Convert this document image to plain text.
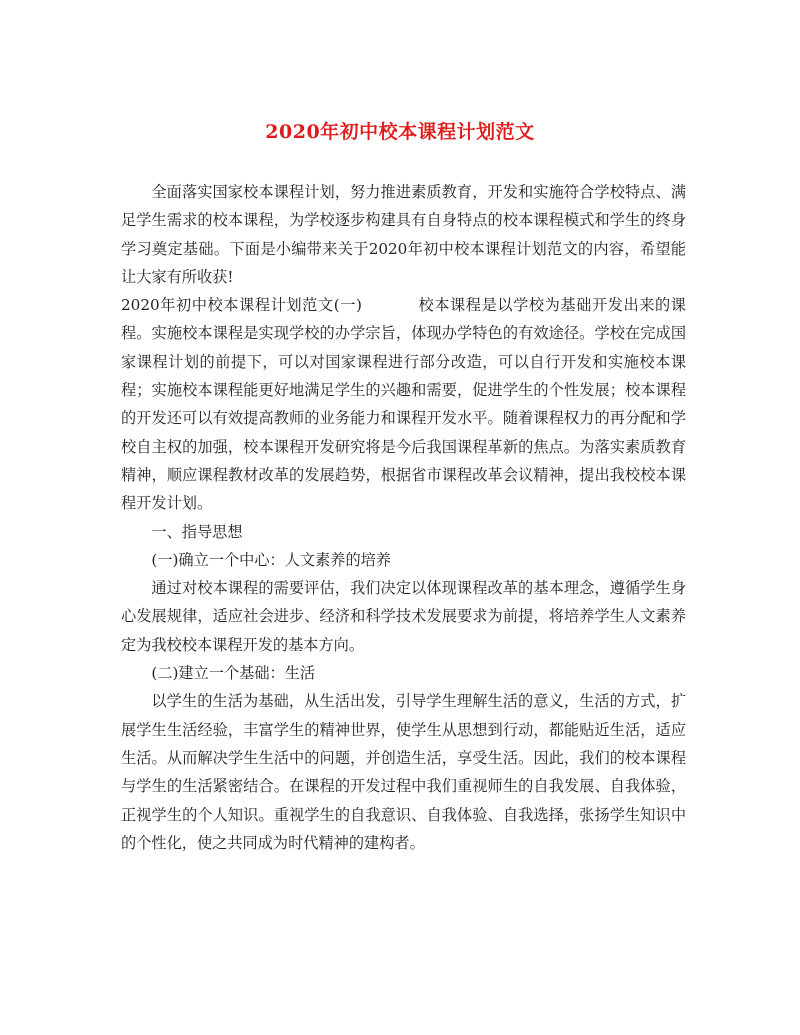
2020年初中校本课程计划范文

全面落实国家校本课程计划，努力推进素质教育，开发和实施符合学校特点、满足学生需求的校本课程，为学校逐步构建具有自身特点的校本课程模式和学生的终身学习奠定基础。下面是小编带来关于2020年初中校本课程计划范文的内容，希望能让大家有所收获!

2020年初中校本课程计划范文(一)	校本课程是以学校为基础开发出来的课程。实施校本课程是实现学校的办学宗旨，体现办学特色的有效途径。学校在完成国家课程计划的前提下，可以对国家课程进行部分改造，可以自行开发和实施校本课程；实施校本课程能更好地满足学生的兴趣和需要，促进学生的个性发展；校本课程的开发还可以有效提高教师的业务能力和课程开发水平。随着课程权力的再分配和学校自主权的加强，校本课程开发研究将是今后我国课程革新的焦点。为落实素质教育精神，顺应课程教材改革的发展趋势，根据省市课程改革会议精神，提出我校校本课程开发计划。

一、指导思想

(一)确立一个中心：人文素养的培养

通过对校本课程的需要评估，我们决定以体现课程改革的基本理念，遵循学生身心发展规律，适应社会进步、经济和科学技术发展要求为前提，将培养学生人文素养定为我校校本课程开发的基本方向。

(二)建立一个基础：生活

以学生的生活为基础，从生活出发，引导学生理解生活的意义，生活的方式，扩展学生生活经验，丰富学生的精神世界，使学生从思想到行动，都能贴近生活，适应生活。从而解决学生生活中的问题，并创造生活，享受生活。因此，我们的校本课程与学生的生活紧密结合。在课程的开发过程中我们重视师生的自我发展、自我体验，正视学生的个人知识。重视学生的自我意识、自我体验、自我选择，张扬学生知识中的个性化，使之共同成为时代精神的建构者。
